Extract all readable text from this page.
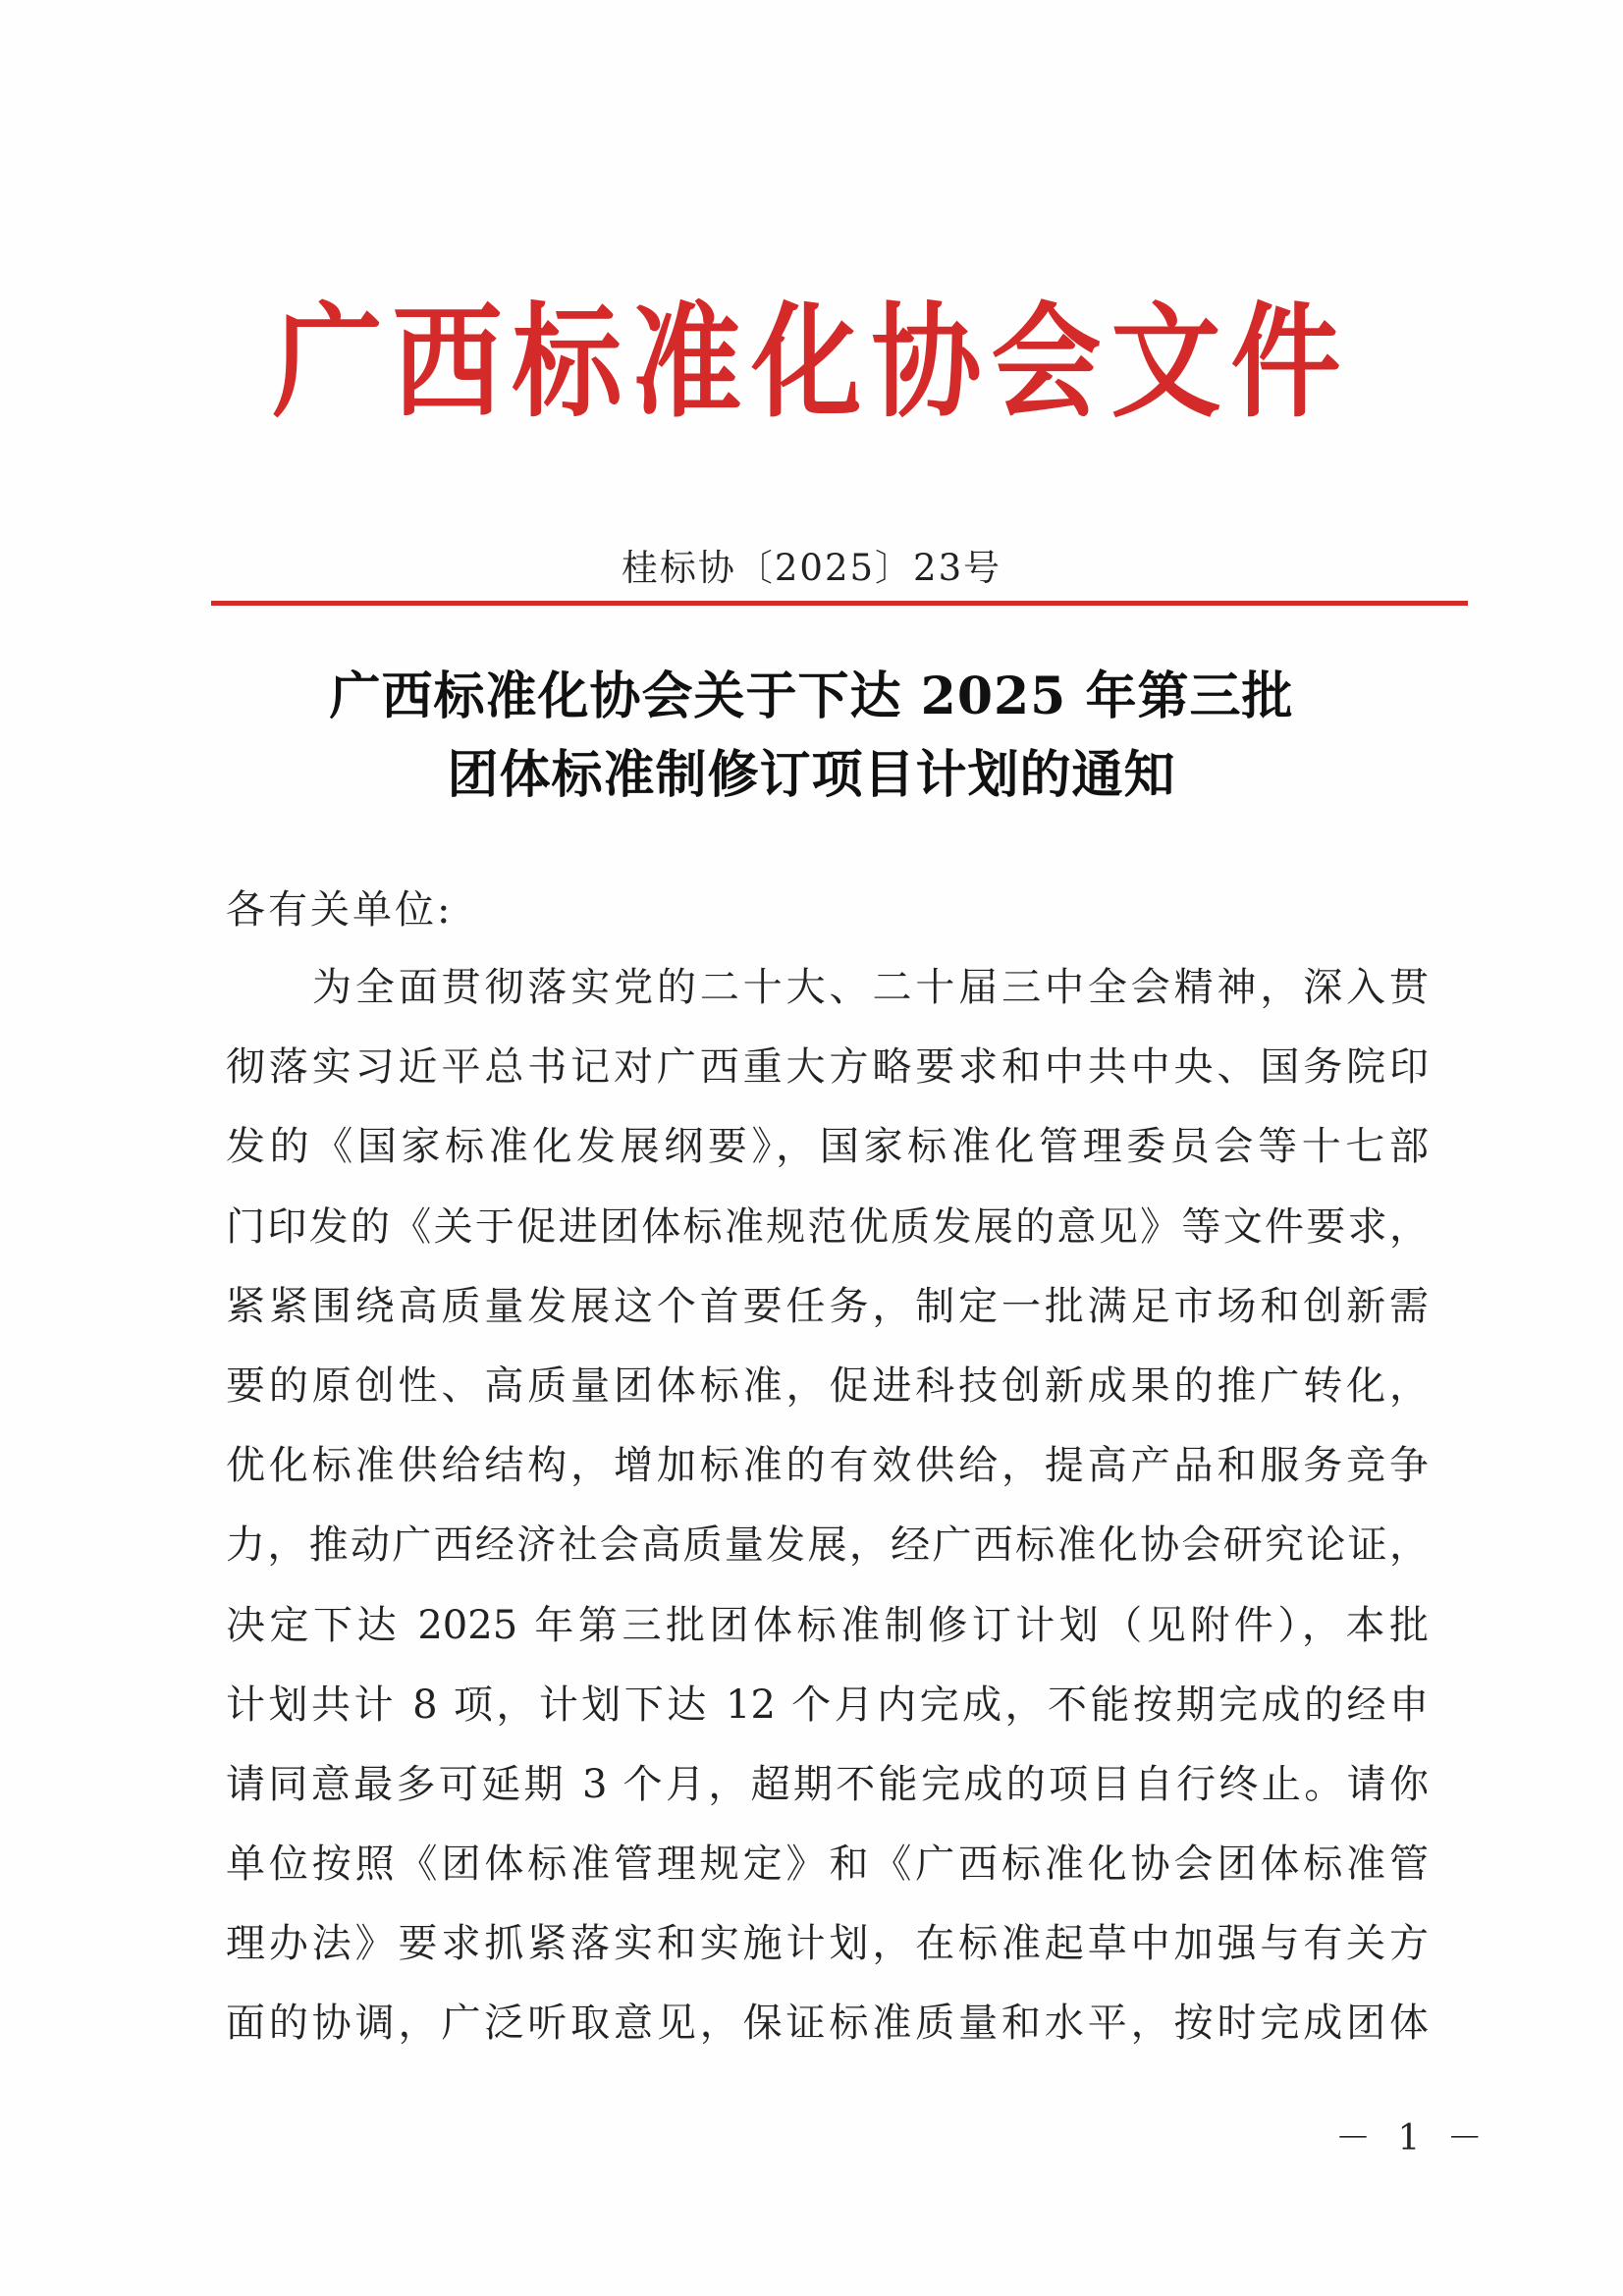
广西标准化协会文件
桂标协〔2025〕23号
广西标准化协会关于下达 2025 年第三批
团体标准制修订项目计划的通知
各有关单位:
为全面贯彻落实党的二十大、二十届三中全会精神，深入贯
彻落实习近平总书记对广西重大方略要求和中共中央、国务院印
发的《国家标准化发展纲要》，国家标准化管理委员会等十七部
门印发的《关于促进团体标准规范优质发展的意见》等文件要求，
紧紧围绕高质量发展这个首要任务，制定一批满足市场和创新需
要的原创性、高质量团体标准，促进科技创新成果的推广转化，
优化标准供给结构，增加标准的有效供给，提高产品和服务竞争
力，推动广西经济社会高质量发展，经广西标准化协会研究论证，
决定下达 2025 年第三批团体标准制修订计划（见附件），本批
计划共计 8 项，计划下达 12 个月内完成，不能按期完成的经申
请同意最多可延期 3 个月，超期不能完成的项目自行终止。请你
单位按照《团体标准管理规定》和《广西标准化协会团体标准管
理办法》要求抓紧落实和实施计划，在标准起草中加强与有关方
面的协调，广泛听取意见，保证标准质量和水平，按时完成团体
－ 1 －
